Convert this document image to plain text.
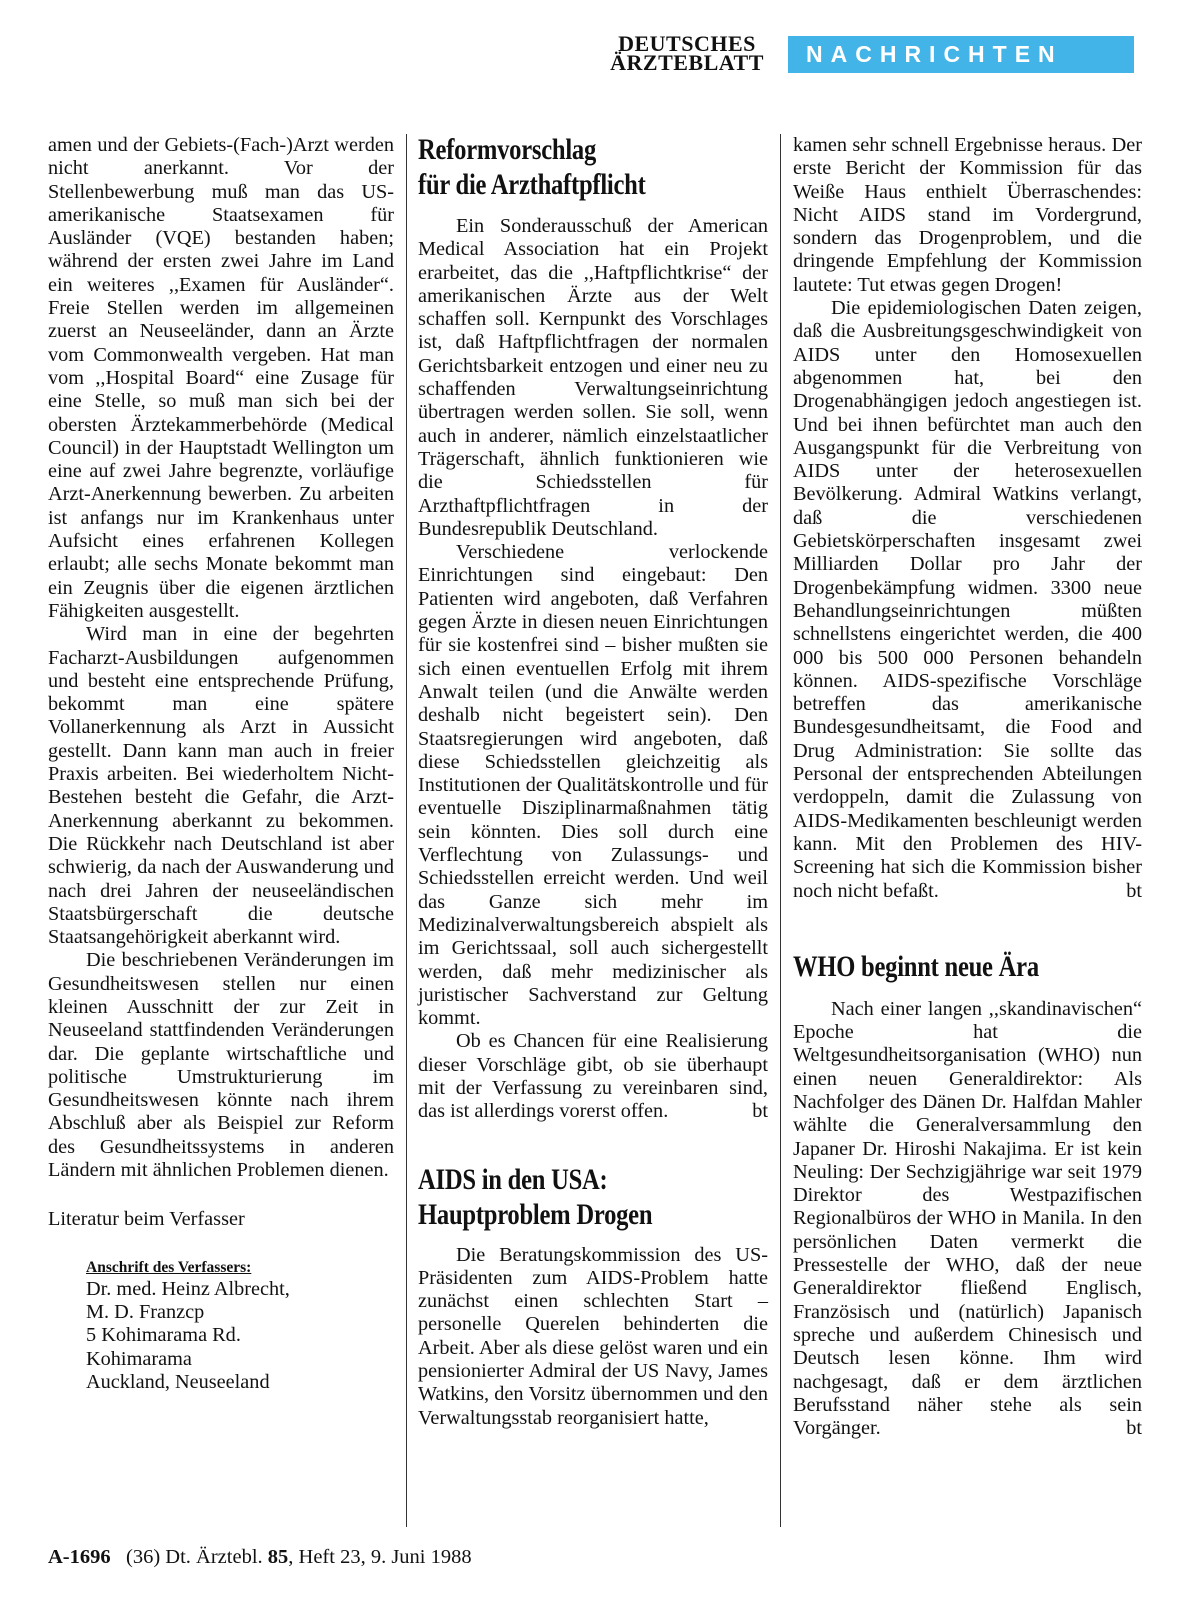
DEUTSCHES
ÄRZTEBLATT	NACHRICHTEN

amen und der Gebiets-(Fach-)Arzt werden nicht anerkannt. Vor der Stellenbewerbung muß man das US-amerikanische Staatsexamen für Ausländer (VQE) bestanden haben; während der ersten zwei Jahre im Land ein weiteres ,,Examen für Ausländer“. Freie Stellen werden im allgemeinen zuerst an Neuseeländer, dann an Ärzte vom Commonwealth vergeben. Hat man vom ,,Hospital Board“ eine Zusage für eine Stelle, so muß man sich bei der obersten Ärztekammerbehörde (Medical Council) in der Hauptstadt Wellington um eine auf zwei Jahre begrenzte, vorläufige Arzt-Anerkennung bewerben. Zu arbeiten ist anfangs nur im Krankenhaus unter Aufsicht eines erfahrenen Kollegen erlaubt; alle sechs Monate bekommt man ein Zeugnis über die eigenen ärztlichen Fähigkeiten ausgestellt.

Wird man in eine der begehrten Facharzt-Ausbildungen aufgenommen und besteht eine entsprechende Prüfung, bekommt man eine spätere Vollanerkennung als Arzt in Aussicht gestellt. Dann kann man auch in freier Praxis arbeiten. Bei wiederholtem Nicht-Bestehen besteht die Gefahr, die Arzt-Anerkennung aberkannt zu bekommen. Die Rückkehr nach Deutschland ist aber schwierig, da nach der Auswanderung und nach drei Jahren der neuseeländischen Staatsbürgerschaft die deutsche Staatsangehörigkeit aberkannt wird.

Die beschriebenen Veränderungen im Gesundheitswesen stellen nur einen kleinen Ausschnitt der zur Zeit in Neuseeland stattfindenden Veränderungen dar. Die geplante wirtschaftliche und politische Umstrukturierung im Gesundheitswesen könnte nach ihrem Abschluß aber als Beispiel zur Reform des Gesundheitssystems in anderen Ländern mit ähnlichen Problemen dienen.

Literatur beim Verfasser

Anschrift des Verfassers:
Dr. med. Heinz Albrecht,
M. D. Franzcp
5 Kohimarama Rd.
Kohimarama
Auckland, Neuseeland
Reformvorschlag
für die Arzthaftpflicht

Ein Sonderausschuß der American Medical Association hat ein Projekt erarbeitet, das die ,,Haftpflichtkrise“ der amerikanischen Ärzte aus der Welt schaffen soll. Kernpunkt des Vorschlages ist, daß Haftpflichtfragen der normalen Gerichtsbarkeit entzogen und einer neu zu schaffenden Verwaltungseinrichtung übertragen werden sollen. Sie soll, wenn auch in anderer, nämlich einzelstaatlicher Trägerschaft, ähnlich funktionieren wie die Schiedsstellen für Arzthaftpflichtfragen in der Bundesrepublik Deutschland.

Verschiedene verlockende Einrichtungen sind eingebaut: Den Patienten wird angeboten, daß Verfahren gegen Ärzte in diesen neuen Einrichtungen für sie kostenfrei sind – bisher mußten sie sich einen eventuellen Erfolg mit ihrem Anwalt teilen (und die Anwälte werden deshalb nicht begeistert sein). Den Staatsregierungen wird angeboten, daß diese Schiedsstellen gleichzeitig als Institutionen der Qualitätskontrolle und für eventuelle Disziplinarmaßnahmen tätig sein könnten. Dies soll durch eine Verflechtung von Zulassungs- und Schiedsstellen erreicht werden. Und weil das Ganze sich mehr im Medizinalverwaltungsbereich abspielt als im Gerichtssaal, soll auch sichergestellt werden, daß mehr medizinischer als juristischer Sachverstand zur Geltung kommt.

Ob es Chancen für eine Realisierung dieser Vorschläge gibt, ob sie überhaupt mit der Verfassung zu vereinbaren sind, das ist allerdings vorerst offen.	bt

AIDS in den USA:
Hauptproblem Drogen

Die Beratungskommission des US-Präsidenten zum AIDS-Problem hatte zunächst einen schlechten Start – personelle Querelen behinderten die Arbeit. Aber als diese gelöst waren und ein pensionierter Admiral der US Navy, James Watkins, den Vorsitz übernommen und den Verwaltungsstab reorganisiert hatte,

kamen sehr schnell Ergebnisse heraus. Der erste Bericht der Kommission für das Weiße Haus enthielt Überraschendes: Nicht AIDS stand im Vordergrund, sondern das Drogenproblem, und die dringende Empfehlung der Kommission lautete: Tut etwas gegen Drogen!

Die epidemiologischen Daten zeigen, daß die Ausbreitungsgeschwindigkeit von AIDS unter den Homosexuellen abgenommen hat, bei den Drogenabhängigen jedoch angestiegen ist. Und bei ihnen befürchtet man auch den Ausgangspunkt für die Verbreitung von AIDS unter der heterosexuellen Bevölkerung. Admiral Watkins verlangt, daß die verschiedenen Gebietskörperschaften insgesamt zwei Milliarden Dollar pro Jahr der Drogenbekämpfung widmen. 3300 neue Behandlungseinrichtungen müßten schnellstens eingerichtet werden, die 400 000 bis 500 000 Personen behandeln können. AIDS-spezifische Vorschläge betreffen das amerikanische Bundesgesundheitsamt, die Food and Drug Administration: Sie sollte das Personal der entsprechenden Abteilungen verdoppeln, damit die Zulassung von AIDS-Medikamenten beschleunigt werden kann. Mit den Problemen des HIV-Screening hat sich die Kommission bisher noch nicht befaßt.	bt

WHO beginnt neue Ära

Nach einer langen ,,skandinavischen“ Epoche hat die Weltgesundheitsorganisation (WHO) nun einen neuen Generaldirektor: Als Nachfolger des Dänen Dr. Halfdan Mahler wählte die Generalversammlung den Japaner Dr. Hiroshi Nakajima. Er ist kein Neuling: Der Sechzigjährige war seit 1979 Direktor des Westpazifischen Regionalbüros der WHO in Manila. In den persönlichen Daten vermerkt die Pressestelle der WHO, daß der neue Generaldirektor fließend Englisch, Französisch und (natürlich) Japanisch spreche und außerdem Chinesisch und Deutsch lesen könne. Ihm wird nachgesagt, daß er dem ärztlichen Berufsstand näher stehe als sein Vorgänger.	bt

A-1696 (36) Dt. Ärztebl. 85, Heft 23, 9. Juni 1988
